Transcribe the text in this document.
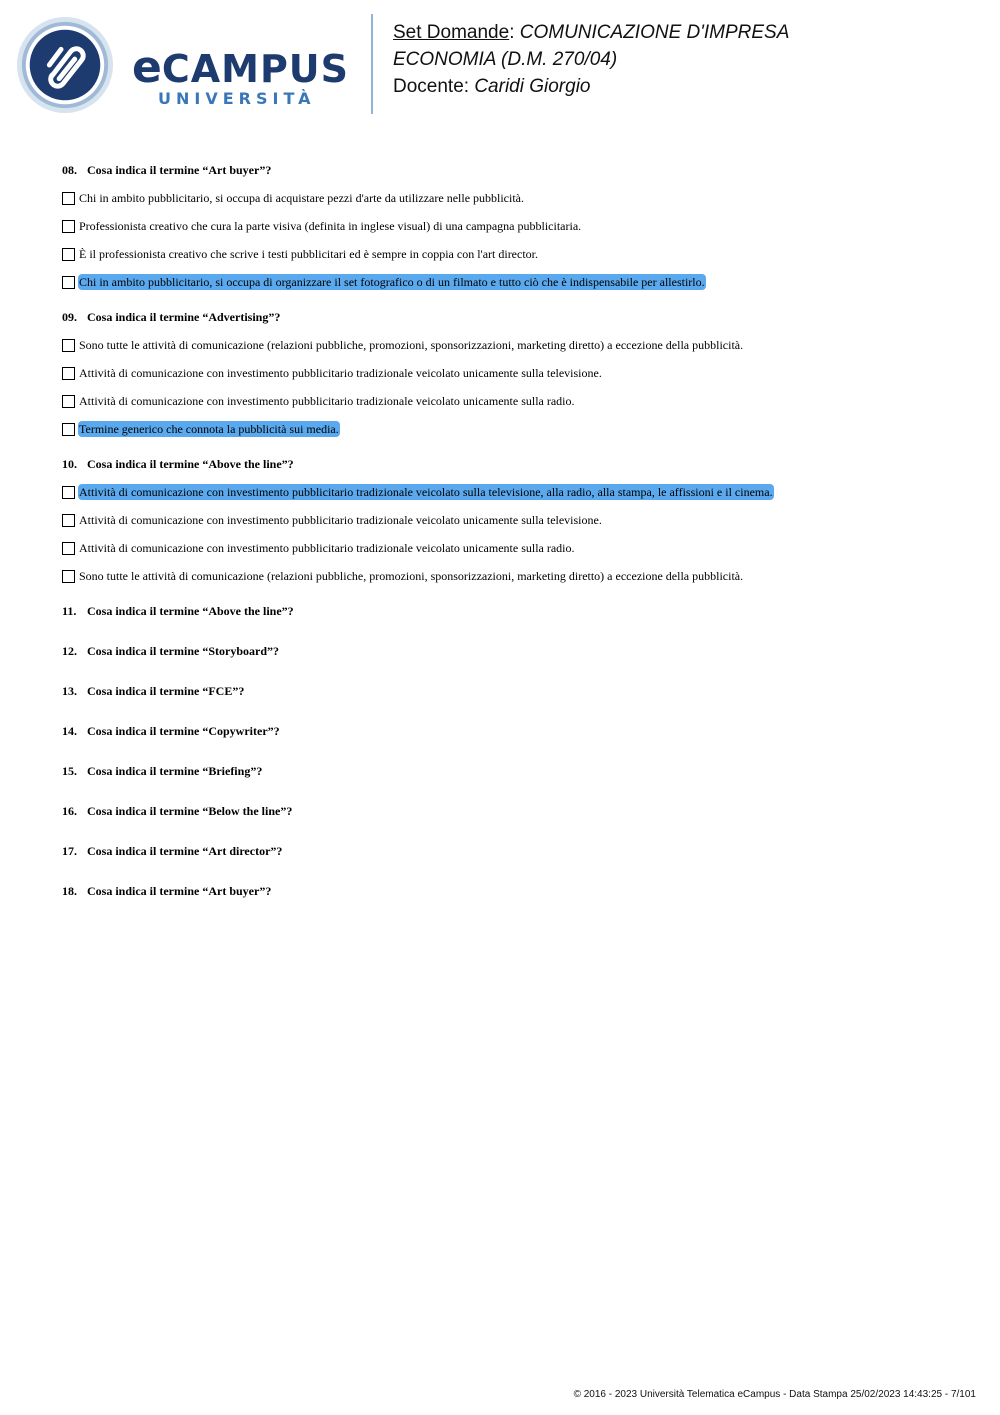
eCAMPUS
UNIVERSITÀ
Set Domande: COMUNICAZIONE D'IMPRESA
ECONOMIA (D.M. 270/04)
Docente: Caridi Giorgio
08. Cosa indica il termine “Art buyer”?
Chi in ambito pubblicitario, si occupa di acquistare pezzi d'arte da utilizzare nelle pubblicità.
Professionista creativo che cura la parte visiva (definita in inglese visual) di una campagna pubblicitaria.
È il professionista creativo che scrive i testi pubblicitari ed è sempre in coppia con l'art director.
Chi in ambito pubblicitario, si occupa di organizzare il set fotografico o di un filmato e tutto ciò che è indispensabile per allestirlo.
09. Cosa indica il termine “Advertising”?
Sono tutte le attività di comunicazione (relazioni pubbliche, promozioni, sponsorizzazioni, marketing diretto) a eccezione della pubblicità.
Attività di comunicazione con investimento pubblicitario tradizionale veicolato unicamente sulla televisione.
Attività di comunicazione con investimento pubblicitario tradizionale veicolato unicamente sulla radio.
Termine generico che connota la pubblicità sui media.
10. Cosa indica il termine “Above the line”?
Attività di comunicazione con investimento pubblicitario tradizionale veicolato sulla televisione, alla radio, alla stampa, le affissioni e il cinema.
Attività di comunicazione con investimento pubblicitario tradizionale veicolato unicamente sulla televisione.
Attività di comunicazione con investimento pubblicitario tradizionale veicolato unicamente sulla radio.
Sono tutte le attività di comunicazione (relazioni pubbliche, promozioni, sponsorizzazioni, marketing diretto) a eccezione della pubblicità.
11. Cosa indica il termine “Above the line”?
12. Cosa indica il termine “Storyboard”?
13. Cosa indica il termine “FCE”?
14. Cosa indica il termine “Copywriter”?
15. Cosa indica il termine “Briefing”?
16. Cosa indica il termine “Below the line”?
17. Cosa indica il termine “Art director”?
18. Cosa indica il termine “Art buyer”?
© 2016 - 2023 Università Telematica eCampus - Data Stampa 25/02/2023 14:43:25 - 7/101
